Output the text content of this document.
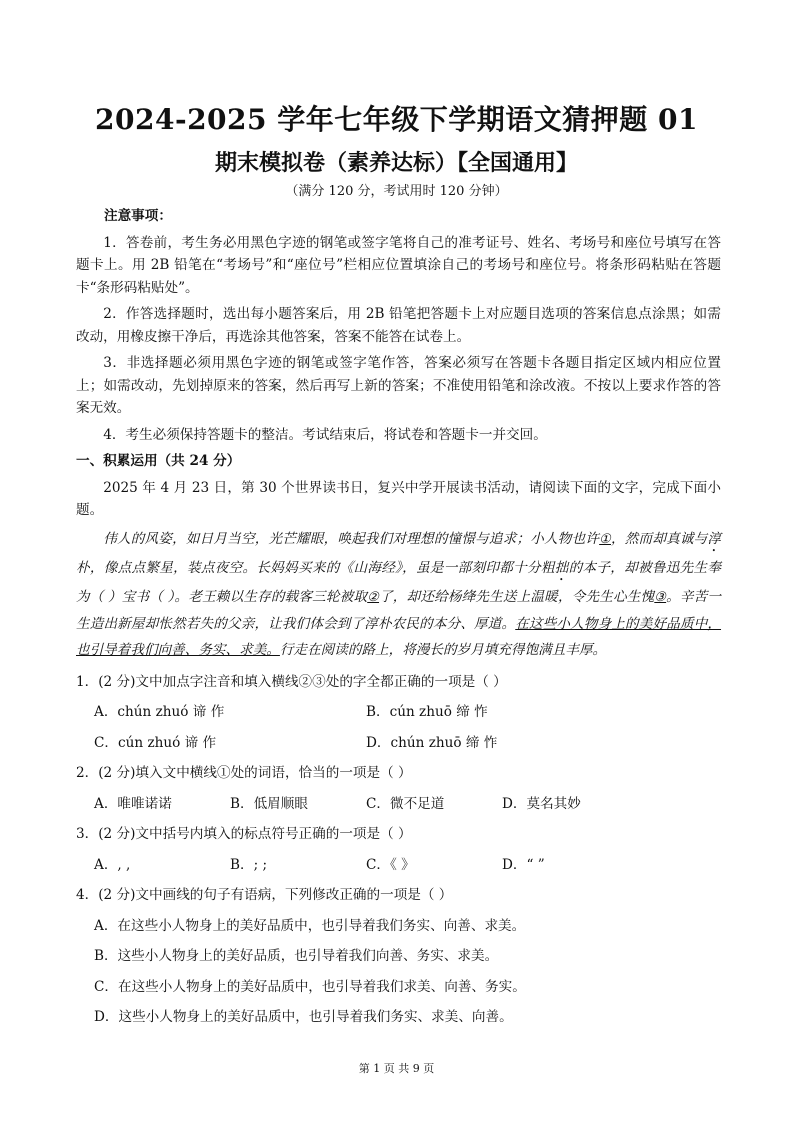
2024-2025 学年七年级下学期语文猜押题 01
期末模拟卷（素养达标）【全国通用】
（满分 120 分，考试用时 120 分钟）

注意事项：

1．答卷前，考生务必用黑色字迹的钢笔或签字笔将自己的准考证号、姓名、考场号和座位号填写在答题卡上。用 2B 铅笔在“考场号”和“座位号”栏相应位置填涂自己的考场号和座位号。将条形码粘贴在答题卡“条形码粘贴处”。

2．作答选择题时，选出每小题答案后，用 2B 铅笔把答题卡上对应题目选项的答案信息点涂黑；如需改动，用橡皮擦干净后，再选涂其他答案，答案不能答在试卷上。

3．非选择题必须用黑色字迹的钢笔或签字笔作答，答案必须写在答题卡各题目指定区域内相应位置上；如需改动，先划掉原来的答案，然后再写上新的答案；不准使用铅笔和涂改液。不按以上要求作答的答案无效。

4．考生必须保持答题卡的整洁。考试结束后，将试卷和答题卡一并交回。

一、积累运用（共 24 分）

2025 年 4 月 23 日，第 30 个世界读书日，复兴中学开展读书活动，请阅读下面的文字，完成下面小题。

伟人的风姿，如日月当空，光芒耀眼，唤起我们对理想的憧憬与追求；小人物也许①，然而却真诚与淳朴，像点点繁星，装点夜空。长妈妈买来的《山海经》，虽是一部刻印都十分粗拙的本子，却被鲁迅先生奉为（ ）宝书（ ）。老王赖以生存的载客三轮被取②了，却还给杨绛先生送上温暖，令先生心生愧③。辛苦一生造出新屋却怅然若失的父亲，让我们体会到了淳朴农民的本分、厚道。在这些小人物身上的美好品质中，也引导着我们向善、务实、求美。行走在阅读的路上，将漫长的岁月填充得饱满且丰厚。

1．(2 分)文中加点字注音和填入横线②③处的字全都正确的一项是（ ）

A．chún zhuó 谛 作	B．cún zhuō 缔 怍
C．cún zhuó 谛 作	D．chún zhuō 缔 怍

2．(2 分)填入文中横线①处的词语，恰当的一项是（ ）

A．唯唯诺诺	B．低眉顺眼	C．微不足道	D．莫名其妙

3．(2 分)文中括号内填入的标点符号正确的一项是（ ）

A．, ,	B．; ;	C．《 》	D．“ ”

4．(2 分)文中画线的句子有语病，下列修改正确的一项是（ ）

A．在这些小人物身上的美好品质中，也引导着我们务实、向善、求美。
B．这些小人物身上的美好品质，也引导着我们向善、务实、求美。
C．在这些小人物身上的美好品质中，也引导着我们求美、向善、务实。
D．这些小人物身上的美好品质中，也引导着我们务实、求美、向善。
第 1 页 共 9 页
